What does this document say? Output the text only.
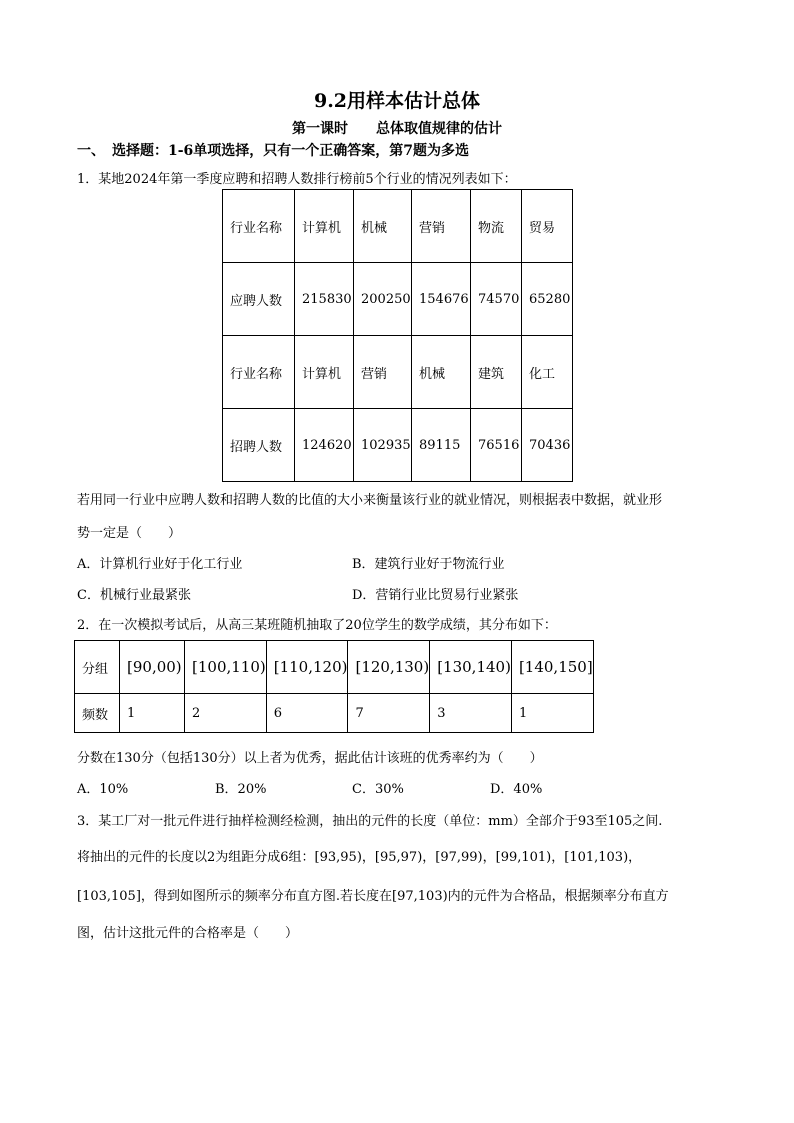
9.2用样本估计总体
第一课时　　总体取值规律的估计
一、　选择题：1-6单项选择，只有一个正确答案，第7题为多选
1．某地2024年第一季度应聘和招聘人数排行榜前5个行业的情况列表如下：
行业名称	计算机	机械	营销	物流	贸易
应聘人数	215830	200250	154676	74570	65280
行业名称	计算机	营销	机械	建筑	化工
招聘人数	124620	102935	89115	76516	70436
若用同一行业中应聘人数和招聘人数的比值的大小来衡量该行业的就业情况，则根据表中数据，就业形
势一定是（　　）
A．计算机行业好于化工行业	B．建筑行业好于物流行业
C．机械行业最紧张	D．营销行业比贸易行业紧张
2．在一次模拟考试后，从高三某班随机抽取了20位学生的数学成绩，其分布如下：
分组	[90,00)	[100,110)	[110,120)	[120,130)	[130,140)	[140,150]
频数	1	2	6	7	3	1
分数在130分（包括130分）以上者为优秀，据此估计该班的优秀率约为（　　）
A．10%	B．20%	C．30%	D．40%
3．某工厂对一批元件进行抽样检测经检测，抽出的元件的长度（单位：mm）全部介于93至105之间.
将抽出的元件的长度以2为组距分成6组：[93,95)，[95,97)，[97,99)，[99,101)，[101,103)，
[103,105]，得到如图所示的频率分布直方图.若长度在[97,103)内的元件为合格品，根据频率分布直方
图，估计这批元件的合格率是（　　）
